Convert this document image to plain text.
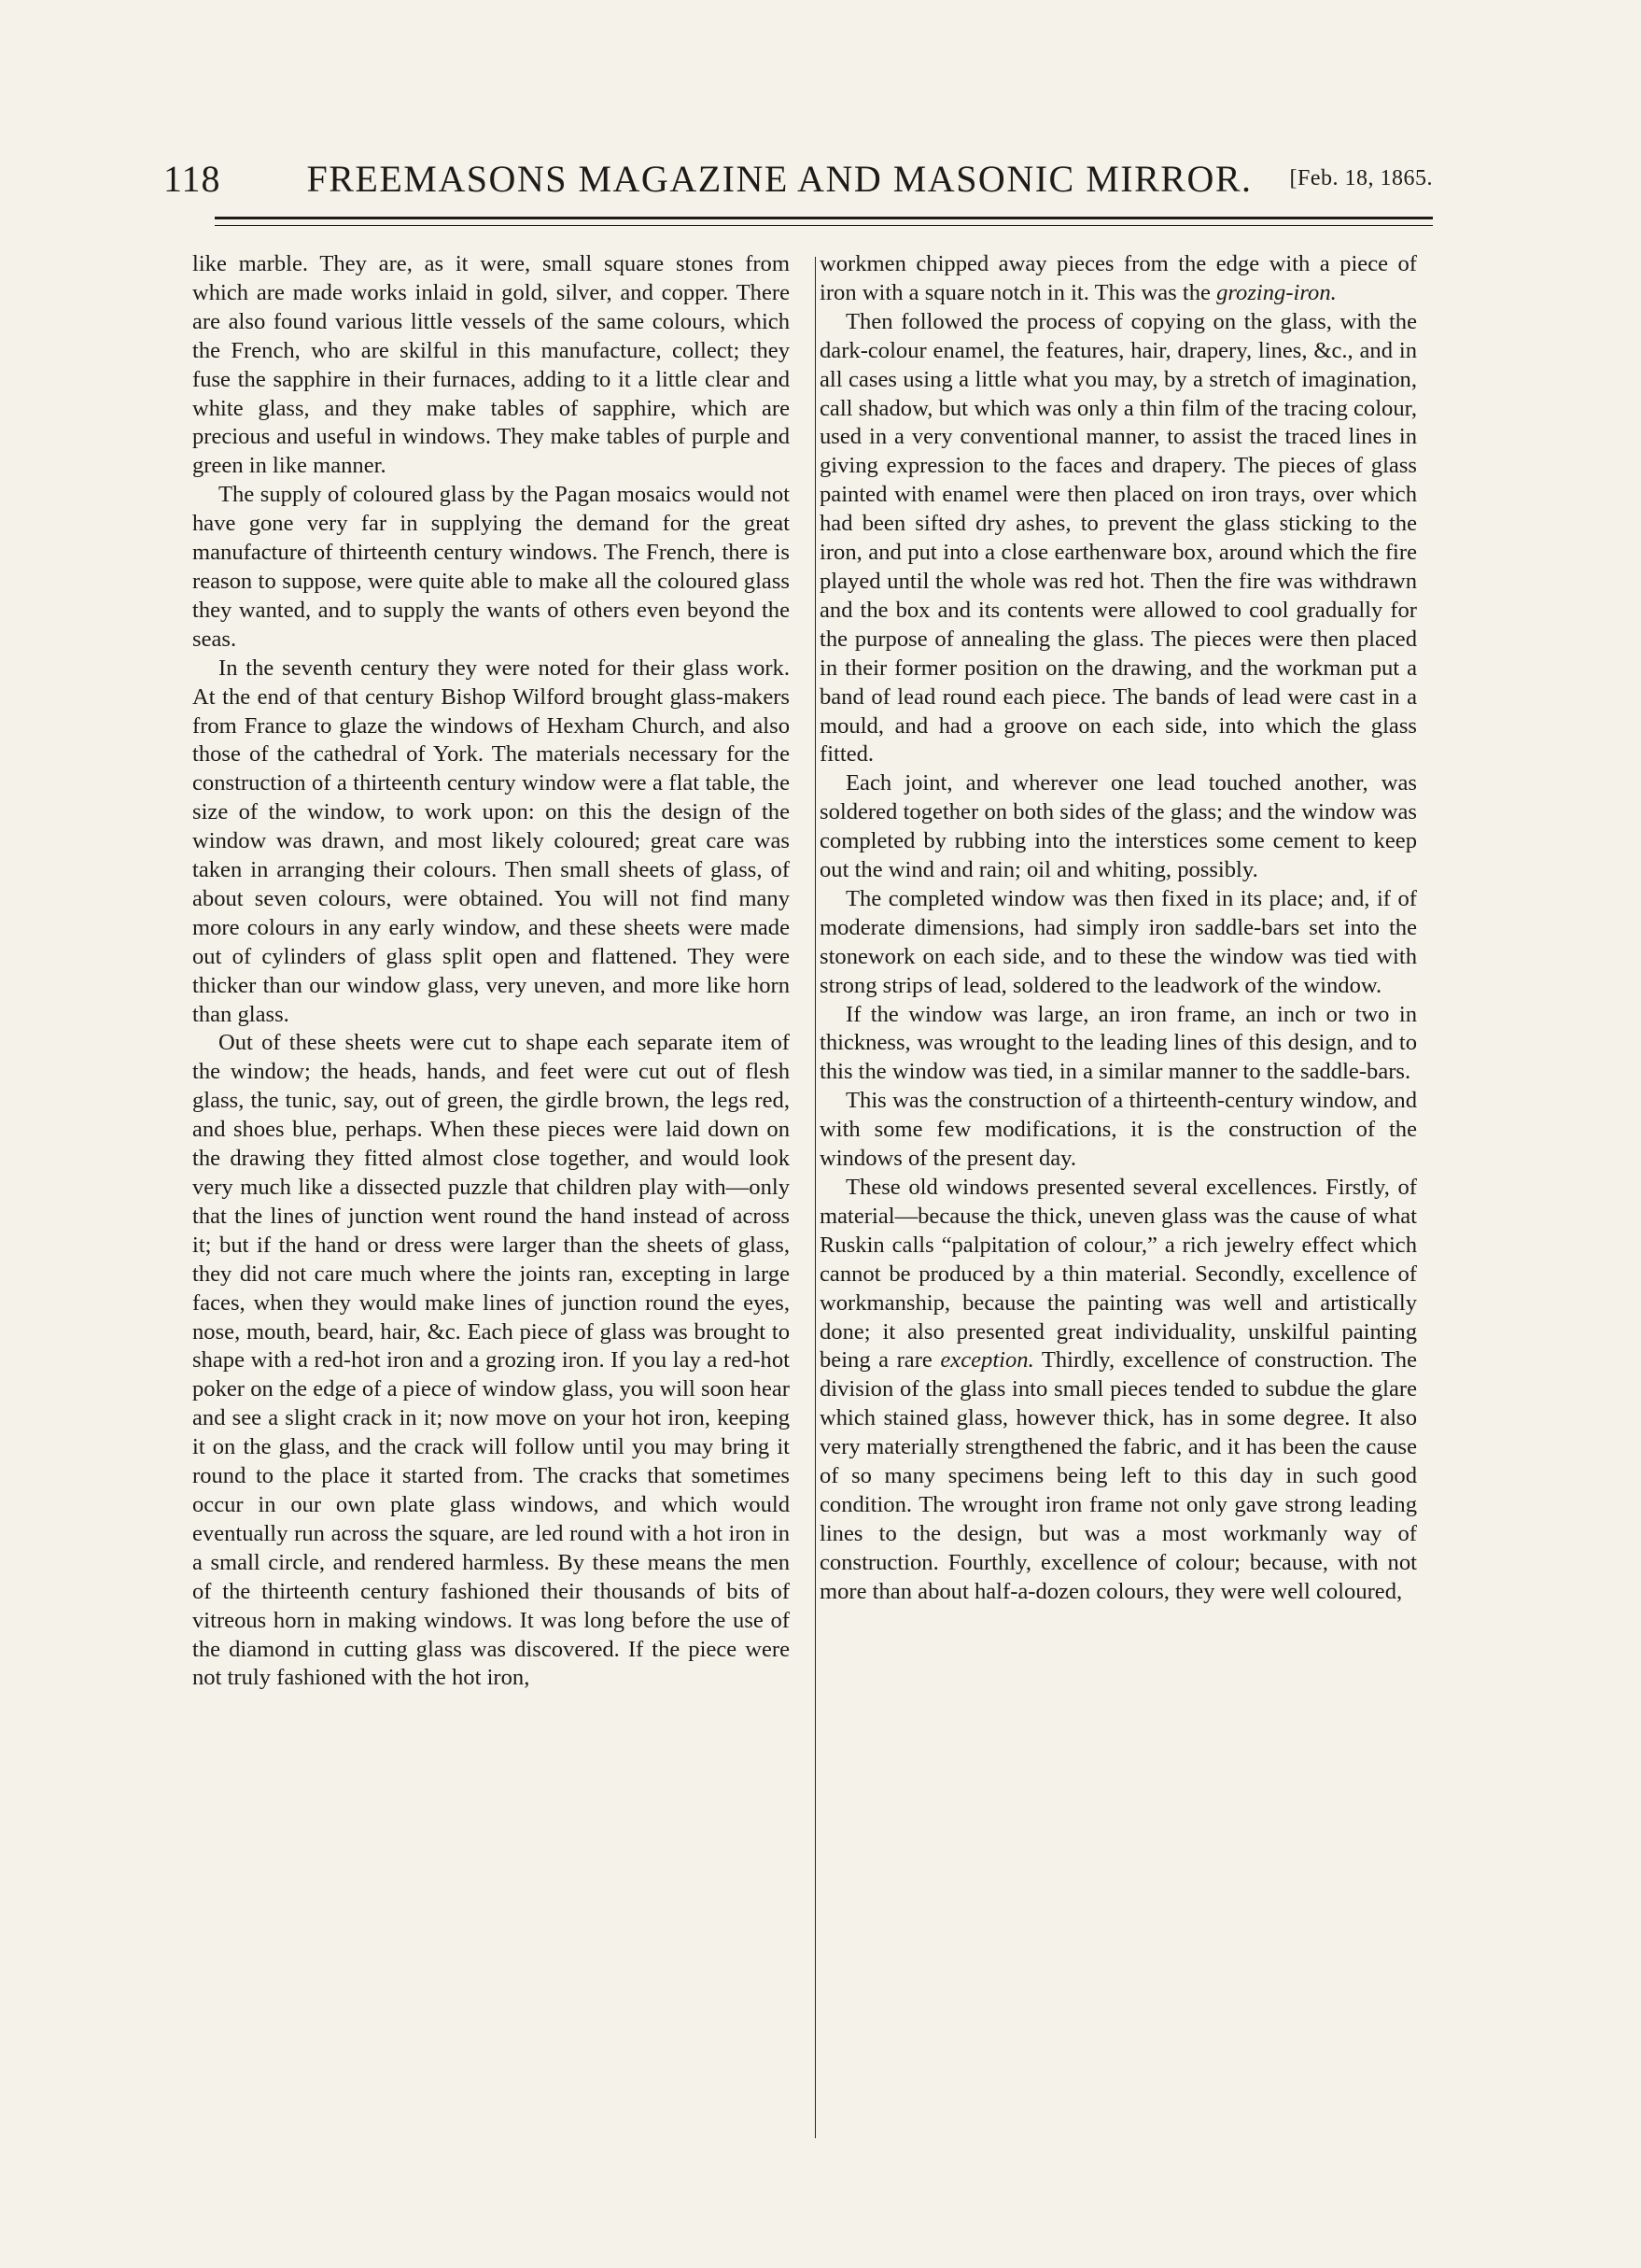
118	FREEMASONS MAGAZINE AND MASONIC MIRROR.	[Feb. 18, 1865.

like marble. They are, as it were, small square stones from which are made works inlaid in gold, silver, and copper. There are also found various little vessels of the same colours, which the French, who are skilful in this manufacture, collect; they fuse the sapphire in their furnaces, adding to it a little clear and white glass, and they make tables of sapphire, which are precious and useful in windows. They make tables of purple and green in like manner.

The supply of coloured glass by the Pagan mosaics would not have gone very far in supplying the demand for the great manufacture of thirteenth century windows. The French, there is reason to suppose, were quite able to make all the coloured glass they wanted, and to supply the wants of others even beyond the seas.

In the seventh century they were noted for their glass work. At the end of that century Bishop Wilford brought glass-makers from France to glaze the windows of Hexham Church, and also those of the cathedral of York. The materials necessary for the construction of a thirteenth century window were a flat table, the size of the window, to work upon: on this the design of the window was drawn, and most likely coloured; great care was taken in arranging their colours. Then small sheets of glass, of about seven colours, were obtained. You will not find many more colours in any early window, and these sheets were made out of cylinders of glass split open and flattened. They were thicker than our window glass, very uneven, and more like horn than glass.

Out of these sheets were cut to shape each separate item of the window; the heads, hands, and feet were cut out of flesh glass, the tunic, say, out of green, the girdle brown, the legs red, and shoes blue, perhaps. When these pieces were laid down on the drawing they fitted almost close together, and would look very much like a dissected puzzle that children play with—only that the lines of junction went round the hand instead of across it; but if the hand or dress were larger than the sheets of glass, they did not care much where the joints ran, excepting in large faces, when they would make lines of junction round the eyes, nose, mouth, beard, hair, &c. Each piece of glass was brought to shape with a red-hot iron and a grozing iron. If you lay a red-hot poker on the edge of a piece of window glass, you will soon hear and see a slight crack in it; now move on your hot iron, keeping it on the glass, and the crack will follow until you may bring it round to the place it started from. The cracks that sometimes occur in our own plate glass windows, and which would eventually run across the square, are led round with a hot iron in a small circle, and rendered harmless. By these means the men of the thirteenth century fashioned their thousands of bits of vitreous horn in making windows. It was long before the use of the diamond in cutting glass was discovered. If the piece were not truly fashioned with the hot iron,

workmen chipped away pieces from the edge with a piece of iron with a square notch in it. This was the grozing-iron.

Then followed the process of copying on the glass, with the dark-colour enamel, the features, hair, drapery, lines, &c., and in all cases using a little what you may, by a stretch of imagination, call shadow, but which was only a thin film of the tracing colour, used in a very conventional manner, to assist the traced lines in giving expression to the faces and drapery. The pieces of glass painted with enamel were then placed on iron trays, over which had been sifted dry ashes, to prevent the glass sticking to the iron, and put into a close earthenware box, around which the fire played until the whole was red hot. Then the fire was withdrawn and the box and its contents were allowed to cool gradually for the purpose of annealing the glass. The pieces were then placed in their former position on the drawing, and the workman put a band of lead round each piece. The bands of lead were cast in a mould, and had a groove on each side, into which the glass fitted.

Each joint, and wherever one lead touched another, was soldered together on both sides of the glass; and the window was completed by rubbing into the interstices some cement to keep out the wind and rain; oil and whiting, possibly.

The completed window was then fixed in its place; and, if of moderate dimensions, had simply iron saddle-bars set into the stonework on each side, and to these the window was tied with strong strips of lead, soldered to the leadwork of the window.

If the window was large, an iron frame, an inch or two in thickness, was wrought to the leading lines of this design, and to this the window was tied, in a similar manner to the saddle-bars.

This was the construction of a thirteenth-century window, and with some few modifications, it is the construction of the windows of the present day.

These old windows presented several excellences. Firstly, of material—because the thick, uneven glass was the cause of what Ruskin calls “palpitation of colour,” a rich jewelry effect which cannot be produced by a thin material. Secondly, excellence of workmanship, because the painting was well and artistically done; it also presented great individuality, unskilful painting being a rare exception. Thirdly, excellence of construction. The division of the glass into small pieces tended to subdue the glare which stained glass, however thick, has in some degree. It also very materially strengthened the fabric, and it has been the cause of so many specimens being left to this day in such good condition. The wrought iron frame not only gave strong leading lines to the design, but was a most workmanly way of construction. Fourthly, excellence of colour; because, with not more than about half-a-dozen colours, they were well coloured,
